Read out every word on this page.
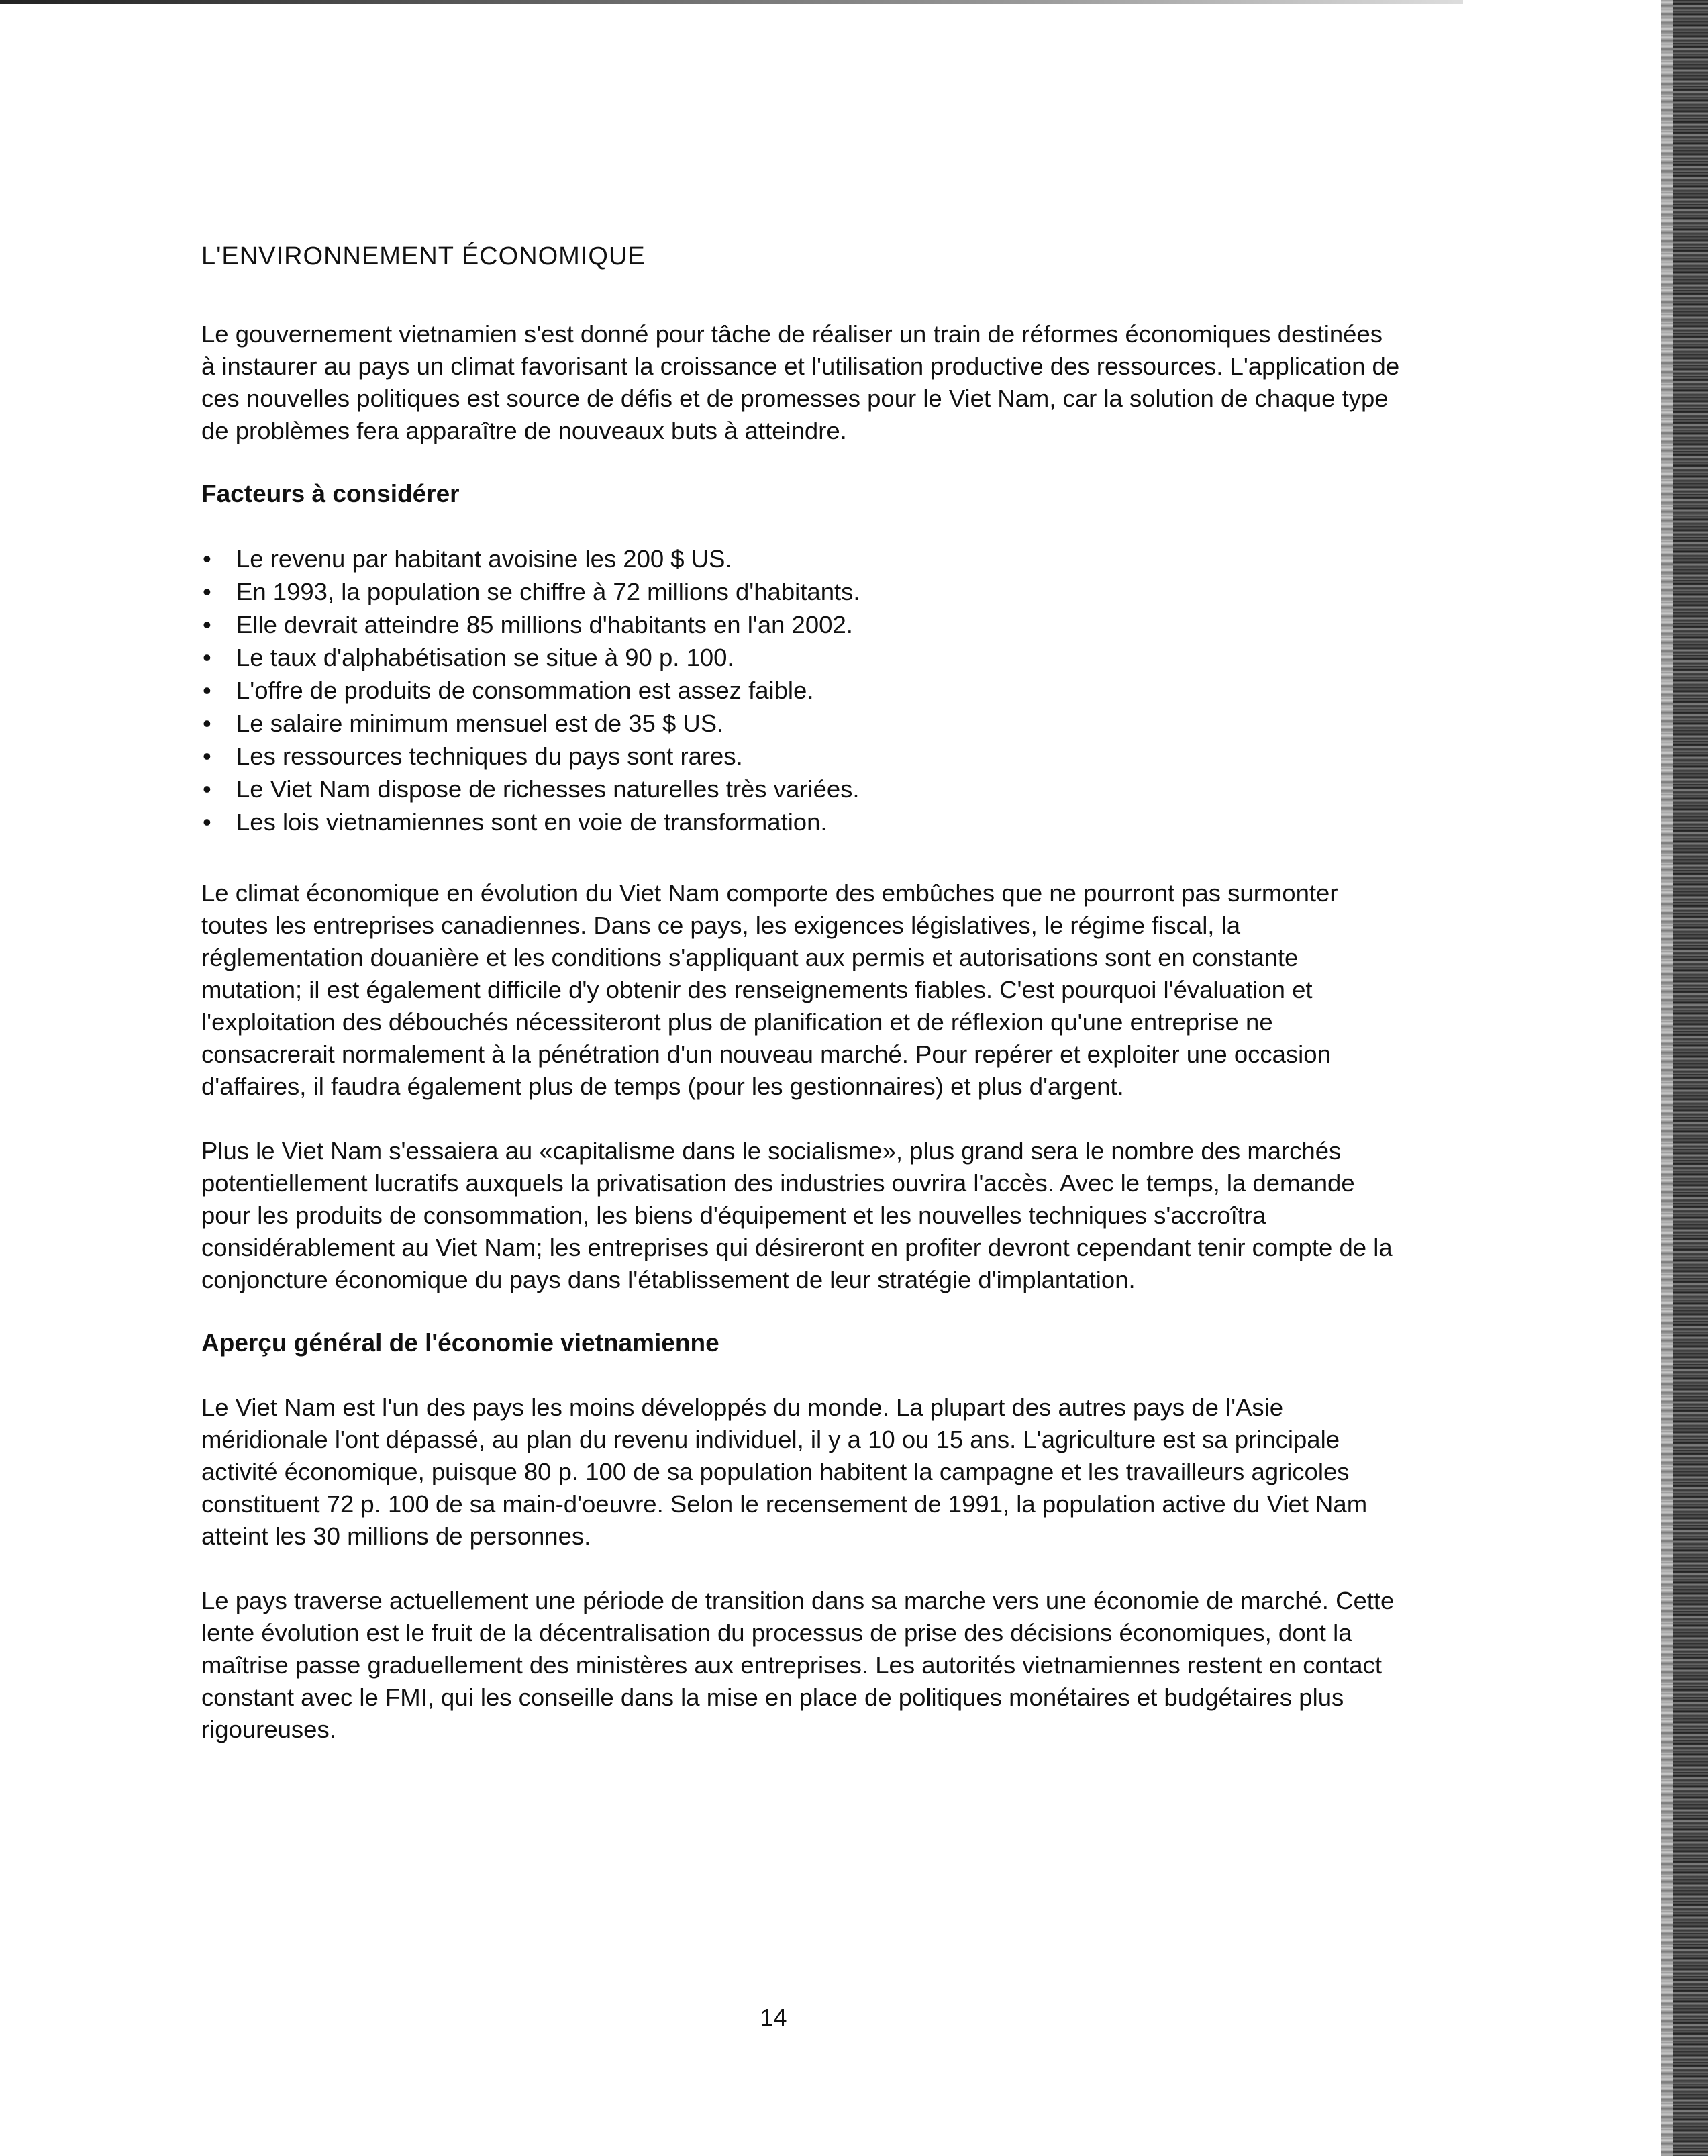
L'ENVIRONNEMENT ÉCONOMIQUE

Le gouvernement vietnamien s'est donné pour tâche de réaliser un train de réformes économiques destinées à instaurer au pays un climat favorisant la croissance et l'utilisation productive des ressources. L'application de ces nouvelles politiques est source de défis et de promesses pour le Viet Nam, car la solution de chaque type de problèmes fera apparaître de nouveaux buts à atteindre.

Facteurs à considérer
• Le revenu par habitant avoisine les 200 $ US.
• En 1993, la population se chiffre à 72 millions d'habitants.
• Elle devrait atteindre 85 millions d'habitants en l'an 2002.
• Le taux d'alphabétisation se situe à 90 p. 100.
• L'offre de produits de consommation est assez faible.
• Le salaire minimum mensuel est de 35 $ US.
• Les ressources techniques du pays sont rares.
• Le Viet Nam dispose de richesses naturelles très variées.
• Les lois vietnamiennes sont en voie de transformation.

Le climat économique en évolution du Viet Nam comporte des embûches que ne pourront pas surmonter toutes les entreprises canadiennes. Dans ce pays, les exigences législatives, le régime fiscal, la réglementation douanière et les conditions s'appliquant aux permis et autorisations sont en constante mutation; il est également difficile d'y obtenir des renseignements fiables. C'est pourquoi l'évaluation et l'exploitation des débouchés nécessiteront plus de planification et de réflexion qu'une entreprise ne consacrerait normalement à la pénétration d'un nouveau marché. Pour repérer et exploiter une occasion d'affaires, il faudra également plus de temps (pour les gestionnaires) et plus d'argent.

Plus le Viet Nam s'essaiera au «capitalisme dans le socialisme», plus grand sera le nombre des marchés potentiellement lucratifs auxquels la privatisation des industries ouvrira l'accès. Avec le temps, la demande pour les produits de consommation, les biens d'équipement et les nouvelles techniques s'accroîtra considérablement au Viet Nam; les entreprises qui désireront en profiter devront cependant tenir compte de la conjoncture économique du pays dans l'établissement de leur stratégie d'implantation.

Aperçu général de l'économie vietnamienne

Le Viet Nam est l'un des pays les moins développés du monde. La plupart des autres pays de l'Asie méridionale l'ont dépassé, au plan du revenu individuel, il y a 10 ou 15 ans. L'agriculture est sa principale activité économique, puisque 80 p. 100 de sa population habitent la campagne et les travailleurs agricoles constituent 72 p. 100 de sa main-d'oeuvre. Selon le recensement de 1991, la population active du Viet Nam atteint les 30 millions de personnes.

Le pays traverse actuellement une période de transition dans sa marche vers une économie de marché. Cette lente évolution est le fruit de la décentralisation du processus de prise des décisions économiques, dont la maîtrise passe graduellement des ministères aux entreprises. Les autorités vietnamiennes restent en contact constant avec le FMI, qui les conseille dans la mise en place de politiques monétaires et budgétaires plus rigoureuses.

14
